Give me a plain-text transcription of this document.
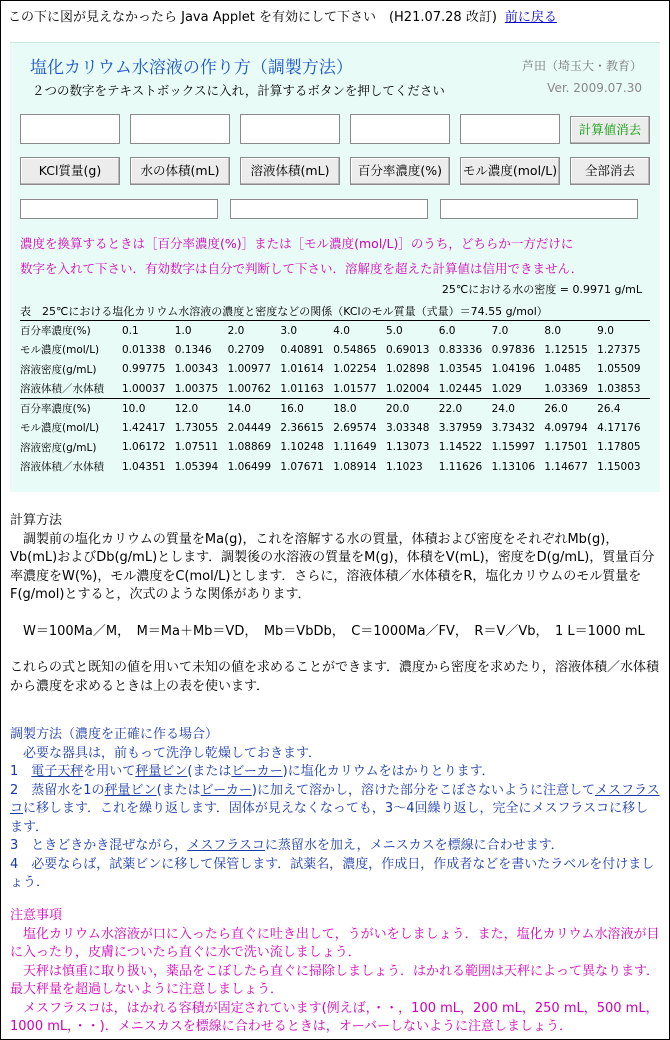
この下に図が見えなかったら Java Applet を有効にして下さい　(H21.07.28 改訂) 前に戻る
塩化カリウム水溶液の作り方（調製方法）	芦田（埼玉大・教育）
２つの数字をテキストボックスに入れ，計算するボタンを押してください	Ver. 2009.07.30
計算値消去
KCl質量(g)	水の体積(mL)	溶液体積(mL)	百分率濃度(%)	モル濃度(mol/L)	全部消去
濃度を換算するときは［百分率濃度(%)］または［モル濃度(mol/L)］のうち，どちらか一方だけに
数字を入れて下さい．有効数字は自分で判断して下さい．溶解度を超えた計算値は信用できません．
25℃における水の密度 = 0.9971 g/mL
表　25℃における塩化カリウム水溶液の濃度と密度などの関係（KClのモル質量（式量）＝74.55 g/mol）
百分率濃度(%)	0.1	1.0	2.0	3.0	4.0	5.0	6.0	7.0	8.0	9.0
モル濃度(mol/L)	0.01338	0.1346	0.2709	0.40891	0.54865	0.69013	0.83336	0.97836	1.12515	1.27375
溶液密度(g/mL)	0.99775	1.00343	1.00977	1.01614	1.02254	1.02898	1.03545	1.04196	1.0485	1.05509
溶液体積／水体積	1.00037	1.00375	1.00762	1.01163	1.01577	1.02004	1.02445	1.029	1.03369	1.03853
百分率濃度(%)	10.0	12.0	14.0	16.0	18.0	20.0	22.0	24.0	26.0	26.4
モル濃度(mol/L)	1.42417	1.73055	2.04449	2.36615	2.69574	3.03348	3.37959	3.73432	4.09794	4.17176
溶液密度(g/mL)	1.06172	1.07511	1.08869	1.10248	1.11649	1.13073	1.14522	1.15997	1.17501	1.17805
溶液体積／水体積	1.04351	1.05394	1.06499	1.07671	1.08914	1.1023	1.11626	1.13106	1.14677	1.15003
計算方法
　調製前の塩化カリウムの質量をMa(g)，これを溶解する水の質量，体積および密度をそれぞれMb(g)，Vb(mL)およびDb(g/mL)とします．調製後の水溶液の質量をM(g)，体積をV(mL)，密度をD(g/mL)，質量百分率濃度をW(%)，モル濃度をC(mol/L)とします．さらに，溶液体積／水体積をR，塩化カリウムのモル質量をF(g/mol)とすると，次式のような関係があります．
　W＝100Ma／M，　M＝Ma＋Mb＝VD，　Mb＝VbDb，　C＝1000Ma／FV，　R＝V／Vb，　1 L＝1000 mL
これらの式と既知の値を用いて未知の値を求めることができます．濃度から密度を求めたり，溶液体積／水体積から濃度を求めるときは上の表を使います．
調製方法（濃度を正確に作る場合）
　必要な器具は，前もって洗浄し乾燥しておきます．
1　電子天秤を用いて秤量ビン(またはビーカー)に塩化カリウムをはかりとります．
2　蒸留水を1の秤量ビン(またはビーカー)に加えて溶かし，溶けた部分をこぼさないように注意してメスフラスコに移します．これを繰り返します．固体が見えなくなっても，3～4回繰り返し，完全にメスフラスコに移します．
3　ときどきかき混ぜながら，メスフラスコに蒸留水を加え，メニスカスを標線に合わせます．
4　必要ならば，試薬ビンに移して保管します．試薬名，濃度，作成日，作成者などを書いたラベルを付けましょう．
注意事項
　塩化カリウム水溶液が口に入ったら直ぐに吐き出して，うがいをしましょう．また，塩化カリウム水溶液が目に入ったり，皮膚についたら直ぐに水で洗い流しましょう．
　天秤は慎重に取り扱い，薬品をこぼしたら直ぐに掃除しましょう．はかれる範囲は天秤によって異なります．最大秤量を超過しないように注意しましょう．
　メスフラスコは，はかれる容積が固定されています(例えば，・・，100 mL，200 mL，250 mL，500 mL，1000 mL，・・)．メニスカスを標線に合わせるときは，オーバーしないように注意しましょう．
